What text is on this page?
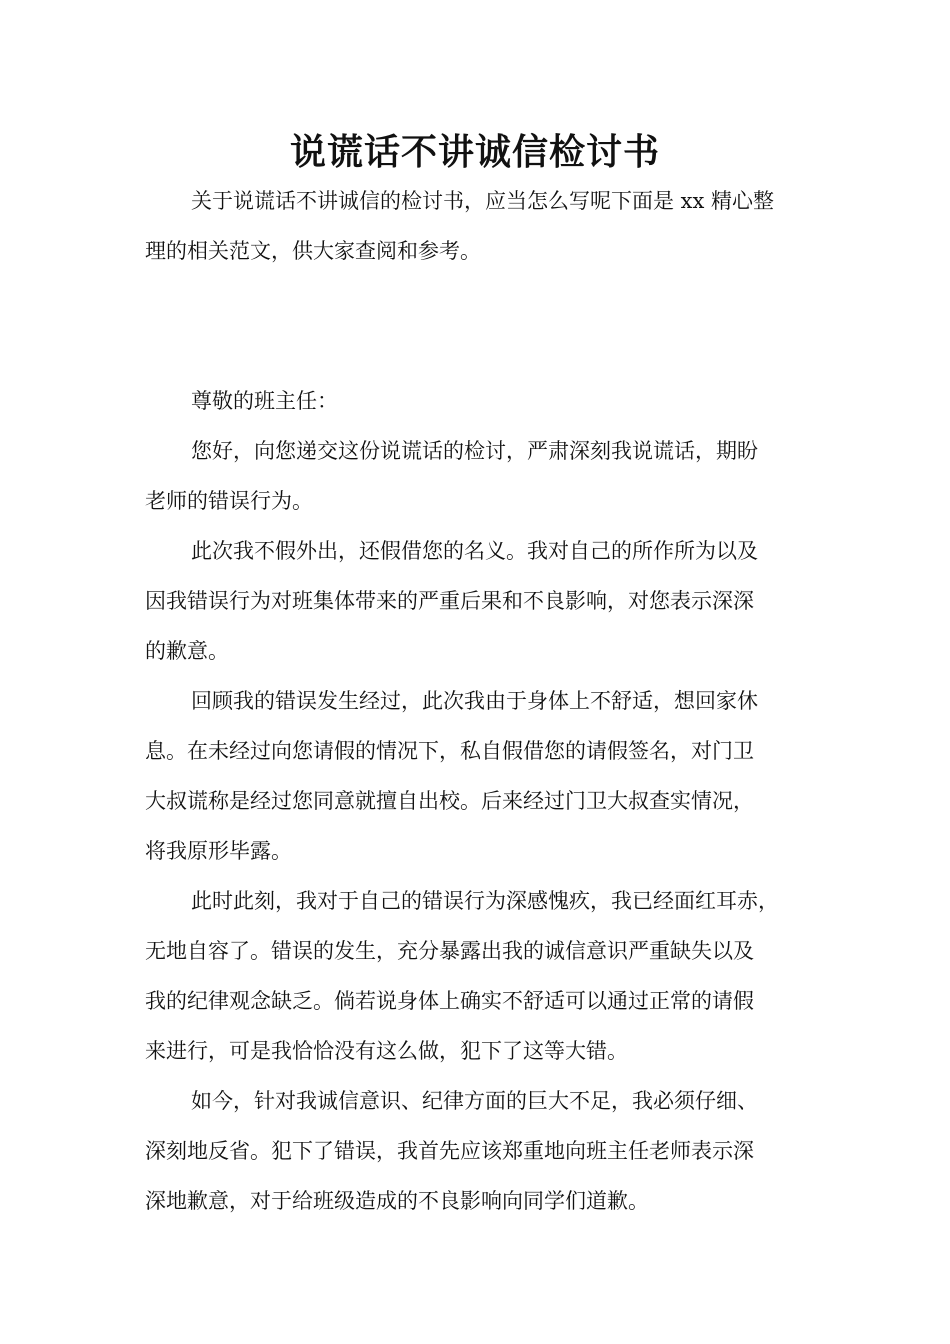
说谎话不讲诚信检讨书

关于说谎话不讲诚信的检讨书，应当怎么写呢下面是 xx 精心整

理的相关范文，供大家查阅和参考。

尊敬的班主任：

您好，向您递交这份说谎话的检讨，严肃深刻我说谎话，期盼

老师的错误行为。

此次我不假外出，还假借您的名义。我对自己的所作所为以及

因我错误行为对班集体带来的严重后果和不良影响，对您表示深深

的歉意。

回顾我的错误发生经过，此次我由于身体上不舒适，想回家休

息。在未经过向您请假的情况下，私自假借您的请假签名，对门卫

大叔谎称是经过您同意就擅自出校。后来经过门卫大叔查实情况，

将我原形毕露。

此时此刻，我对于自己的错误行为深感愧疚，我已经面红耳赤，

无地自容了。错误的发生，充分暴露出我的诚信意识严重缺失以及

我的纪律观念缺乏。倘若说身体上确实不舒适可以通过正常的请假

来进行，可是我恰恰没有这么做，犯下了这等大错。

如今，针对我诚信意识、纪律方面的巨大不足，我必须仔细、

深刻地反省。犯下了错误，我首先应该郑重地向班主任老师表示深

深地歉意，对于给班级造成的不良影响向同学们道歉。
